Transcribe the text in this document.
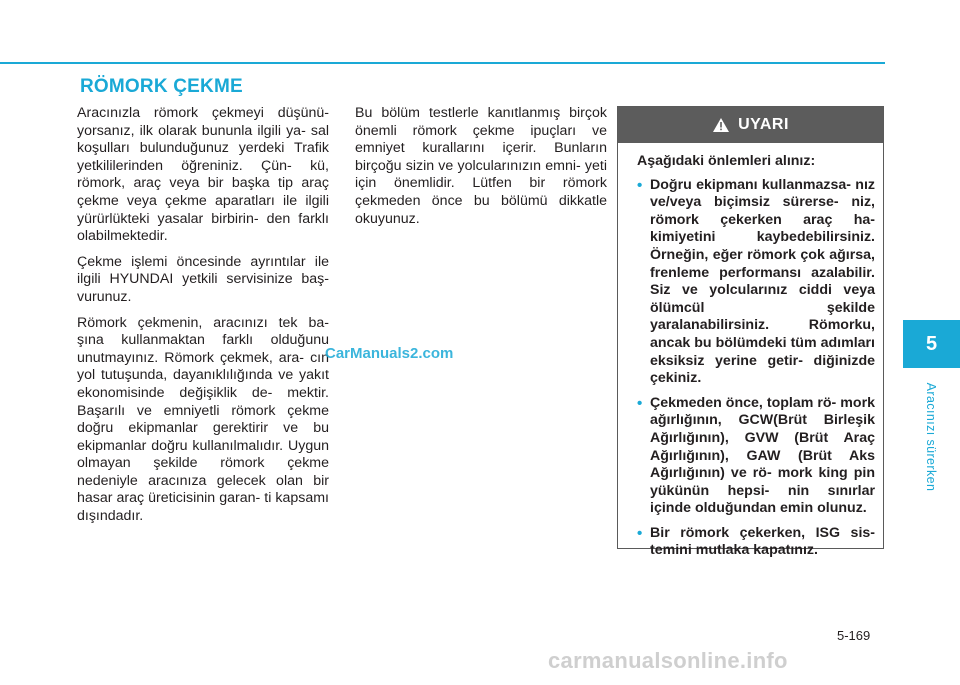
RÖMORK ÇEKME

Aracınızla römork çekmeyi düşünü- yorsanız, ilk olarak bununla ilgili ya- sal koşulları bulunduğunuz yerdeki Trafik yetkililerinden öğreniniz. Çün- kü, römork, araç veya bir başka tip araç çekme veya çekme aparatları ile ilgili yürürlükteki yasalar birbirin- den farklı olabilmektedir.

Çekme işlemi öncesinde ayrıntılar ile ilgili HYUNDAI yetkili servisinize baş- vurunuz.

Römork çekmenin, aracınızı tek ba- şına kullanmaktan farklı olduğunu unutmayınız. Römork çekmek, ara- cın yol tutuşunda, dayanıklılığında ve yakıt ekonomisinde değişiklik de- mektir. Başarılı ve emniyetli römork çekme doğru ekipmanlar gerektirir ve bu ekipmanlar doğru kullanılmalıdır. Uygun olmayan şekilde römork çekme nedeniyle aracınıza gelecek olan bir hasar araç üreticisinin garan- ti kapsamı dışındadır.

Bu bölüm testlerle kanıtlanmış birçok önemli römork çekme ipuçları ve emniyet kurallarını içerir. Bunların birçoğu sizin ve yolcularınızın emni- yeti için önemlidir. Lütfen bir römork çekmeden önce bu bölümü dikkatle okuyunuz.

UYARI
Aşağıdaki önlemleri alınız:
• Doğru ekipmanı kullanmazsa- nız ve/veya biçimsiz sürerse- niz, römork çekerken araç ha- kimiyetini kaybedebilirsiniz. Örneğin, eğer römork çok ağırsa, frenleme performansı azalabilir. Siz ve yolcularınız ciddi veya ölümcül şekilde yaralanabilirsiniz. Römorku, ancak bu bölümdeki tüm adımları eksiksiz yerine getir- diğinizde çekiniz.
• Çekmeden önce, toplam rö- mork ağırlığının, GCW(Brüt Birleşik Ağırlığının), GVW (Brüt Araç Ağırlığının), GAW (Brüt Aks Ağırlığının) ve rö- mork king pin yükünün hepsi- nin sınırlar içinde olduğundan emin olunuz.
• Bir römork çekerken, ISG sis- temini mutlaka kapatınız.
5
Aracınızı sürerken
5-169
CarManuals2.com
carmanualsonline.info
